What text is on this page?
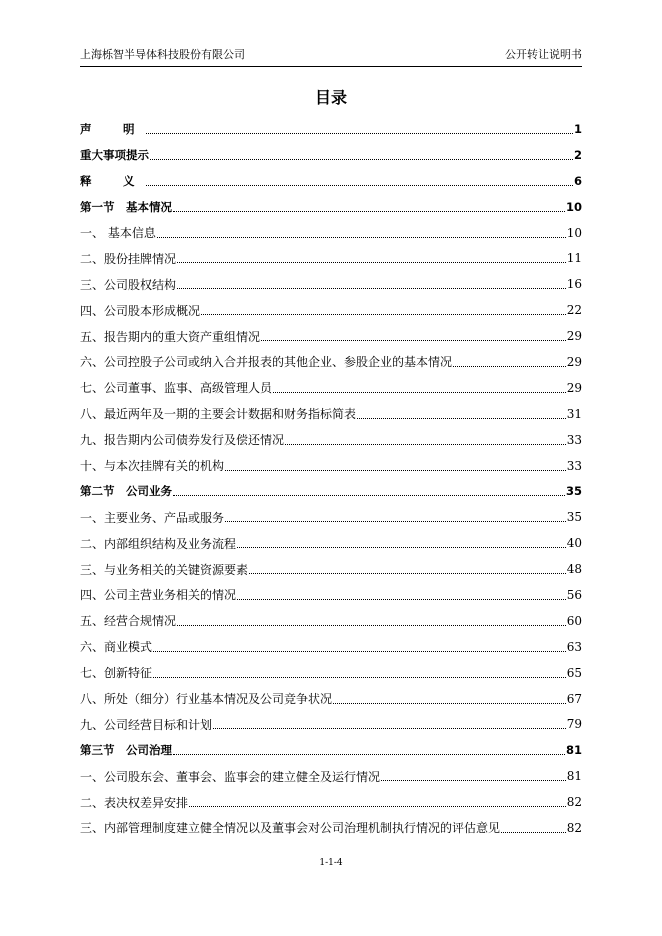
上海栎智半导体科技股份有限公司	公开转让说明书
目录
声　明	1
重大事项提示	2
释　义	6
第一节　基本情况	10
一、 基本信息	10
二、股份挂牌情况	11
三、公司股权结构	16
四、公司股本形成概况	22
五、报告期内的重大资产重组情况	29
六、公司控股子公司或纳入合并报表的其他企业、参股企业的基本情况	29
七、公司董事、监事、高级管理人员	29
八、最近两年及一期的主要会计数据和财务指标简表	31
九、报告期内公司债券发行及偿还情况	33
十、与本次挂牌有关的机构	33
第二节　公司业务	35
一、主要业务、产品或服务	35
二、内部组织结构及业务流程	40
三、与业务相关的关键资源要素	48
四、公司主营业务相关的情况	56
五、经营合规情况	60
六、商业模式	63
七、创新特征	65
八、所处（细分）行业基本情况及公司竞争状况	67
九、公司经营目标和计划	79
第三节　公司治理	81
一、公司股东会、董事会、监事会的建立健全及运行情况	81
二、表决权差异安排	82
三、内部管理制度建立健全情况以及董事会对公司治理机制执行情况的评估意见	82
1-1-4
